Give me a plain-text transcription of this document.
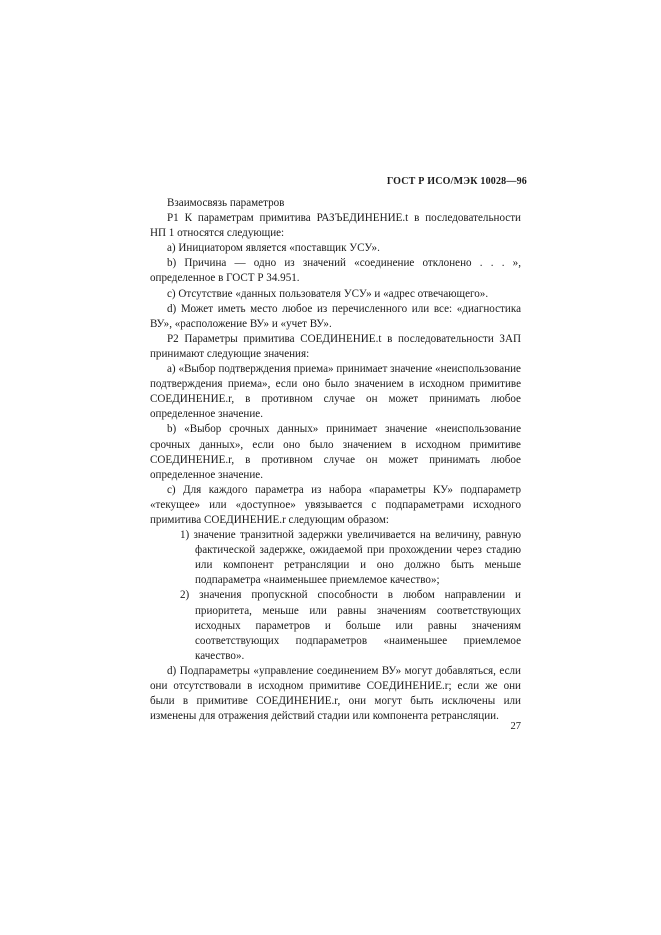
ГОСТ Р ИСО/МЭК 10028—96

Взаимосвязь параметров

Р1 К параметрам примитива РАЗЪЕДИНЕНИЕ.t в последовательности НП 1 относятся следующие:

а) Инициатором является «поставщик УСУ».

b) Причина — одно из значений «соединение отклонено . . . », определенное в ГОСТ Р 34.951.

с) Отсутствие «данных пользователя УСУ» и «адрес отвечающего».

d) Может иметь место любое из перечисленного или все: «диагностика ВУ», «расположение ВУ» и «учет ВУ».

Р2 Параметры примитива СОЕДИНЕНИЕ.t в последовательности ЗАП принимают следующие значения:

а) «Выбор подтверждения приема» принимает значение «неиспользование подтверждения приема», если оно было значением в исходном примитиве СОЕДИНЕНИЕ.r, в противном случае он может принимать любое определенное значение.

b) «Выбор срочных данных» принимает значение «неиспользование срочных данных», если оно было значением в исходном примитиве СОЕДИНЕНИЕ.r, в противном случае он может принимать любое определенное значение.

с) Для каждого параметра из набора «параметры КУ» подпараметр «текущее» или «доступное» увязывается с подпараметрами исходного примитива СОЕДИНЕНИЕ.r следующим образом:

1) значение транзитной задержки увеличивается на величину, равную фактической задержке, ожидаемой при прохождении через стадию или компонент ретрансляции и оно должно быть меньше подпараметра «наименьшее приемлемое качество»;

2) значения пропускной способности в любом направлении и приоритета, меньше или равны значениям соответствующих исходных параметров и больше или равны значениям соответствующих подпараметров «наименьшее приемлемое качество».

d) Подпараметры «управление соединением ВУ» могут добавляться, если они отсутствовали в исходном примитиве СОЕДИНЕНИЕ.r; если же они были в примитиве СОЕДИНЕНИЕ.r, они могут быть исключены или изменены для отражения действий стадии или компонента ретрансляции.

27
